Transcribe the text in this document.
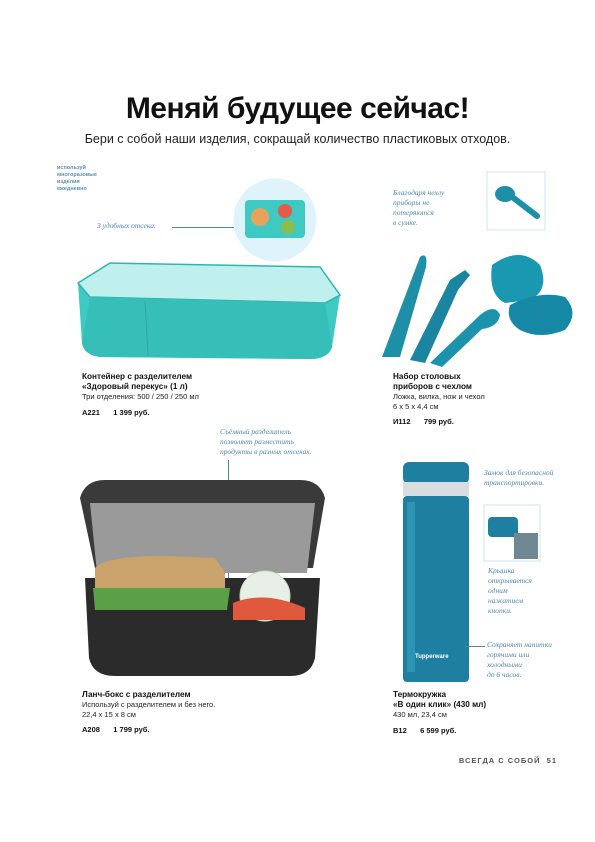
Меняй будущее сейчас!
Бери с собой наши изделия, сокращай количество пластиковых отходов.
используй
многоразовые
изделия
ежедневно
3 удобных отсека.
Контейнер с разделителем
«Здоровый перекус» (1 л)
Три отделения: 500 / 250 / 250 мл
A221 1 399 руб.
Благодаря чехлу
приборы не
потеряются
в сумке.
Набор столовых
приборов с чехлом
Ложка, вилка, нож и чехол
6 х 5 х 4,4 см
И112 799 руб.
Съёмный разделитель
позволяет разместить
продукты в разных отсеках.
Ланч-бокс с разделителем
Используй с разделителем и без него.
22,4 х 15 х 8 см
A208 1 799 руб.
Tupperware
Замок для безопасной
транспортировки.
Крышка
открывается
одним
нажатием
кнопки.
Сохраняет напитки
горячими или
холодными
до 6 часов.
Термокружка
«В один клик» (430 мл)
430 мл, 23,4 см
B12 6 599 руб.
ВСЕГДА С СОБОЙ 51
